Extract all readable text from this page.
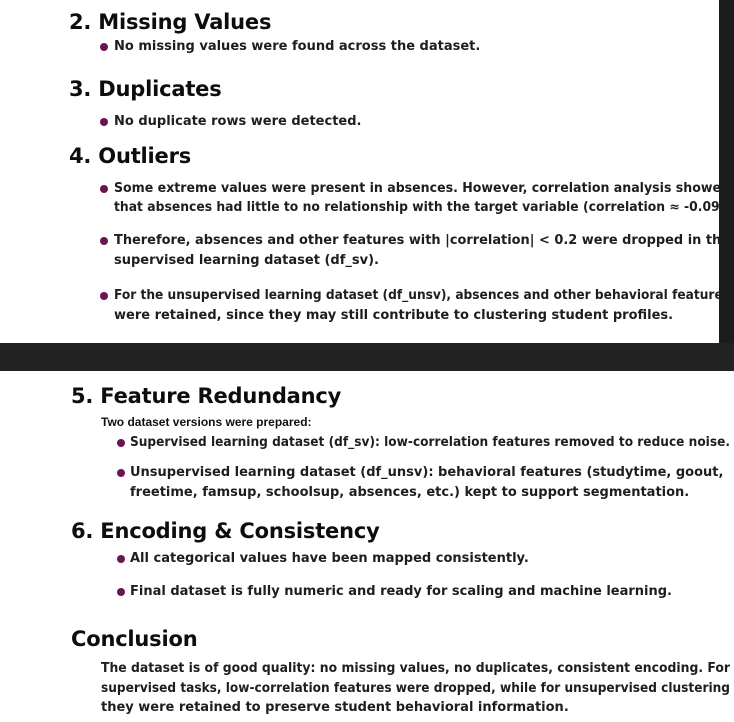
2. Missing Values
No missing values were found across the dataset.
3. Duplicates
No duplicate rows were detected.
4. Outliers
Some extreme values were present in absences. However, correlation analysis showed
that absences had little to no relationship with the target variable (correlation ≈ -0.09).
Therefore, absences and other features with |correlation| < 0.2 were dropped in the
supervised learning dataset (df_sv).
For the unsupervised learning dataset (df_unsv), absences and other behavioral features
were retained, since they may still contribute to clustering student profiles.
5. Feature Redundancy
Two dataset versions were prepared:
Supervised learning dataset (df_sv): low-correlation features removed to reduce noise.
Unsupervised learning dataset (df_unsv): behavioral features (studytime, goout,
freetime, famsup, schoolsup, absences, etc.) kept to support segmentation.
6. Encoding & Consistency
All categorical values have been mapped consistently.
Final dataset is fully numeric and ready for scaling and machine learning.
Conclusion
The dataset is of good quality: no missing values, no duplicates, consistent encoding. For
supervised tasks, low-correlation features were dropped, while for unsupervised clustering
they were retained to preserve student behavioral information.
